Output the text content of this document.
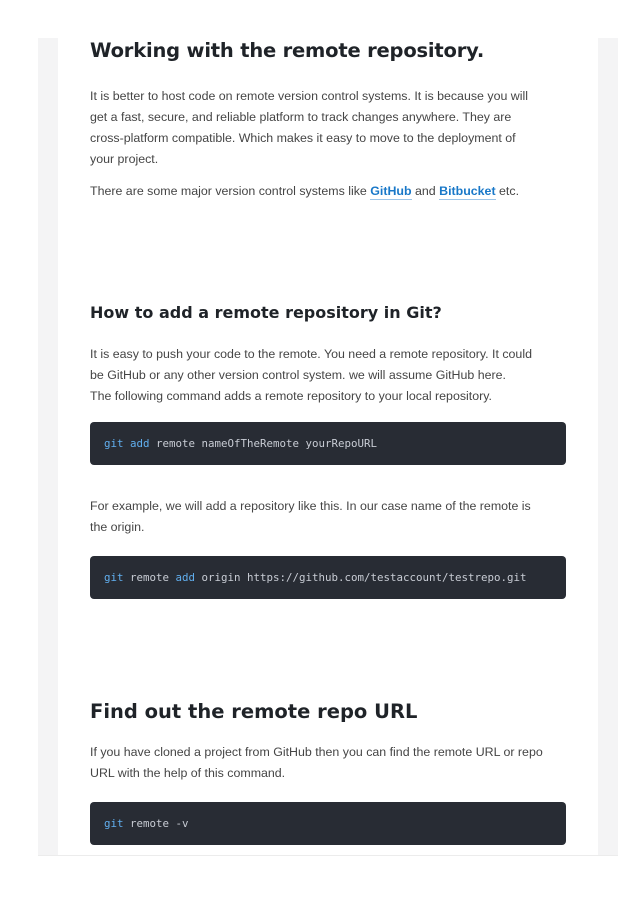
Working with the remote repository.

It is better to host code on remote version control systems. It is because you will
get a fast, secure, and reliable platform to track changes anywhere. They are
cross-platform compatible. Which makes it easy to move to the deployment of
your project.

There are some major version control systems like GitHub and Bitbucket etc.

How to add a remote repository in Git?

It is easy to push your code to the remote. You need a remote repository. It could
be GitHub or any other version control system. we will assume GitHub here.
The following command adds a remote repository to your local repository.

git add remote nameOfTheRemote yourRepoURL

For example, we will add a repository like this. In our case name of the remote is
the origin.

git remote add origin https://github.com/testaccount/testrepo.git
Find out the remote repo URL

If you have cloned a project from GitHub then you can find the remote URL or repo
URL with the help of this command.

git remote -v
